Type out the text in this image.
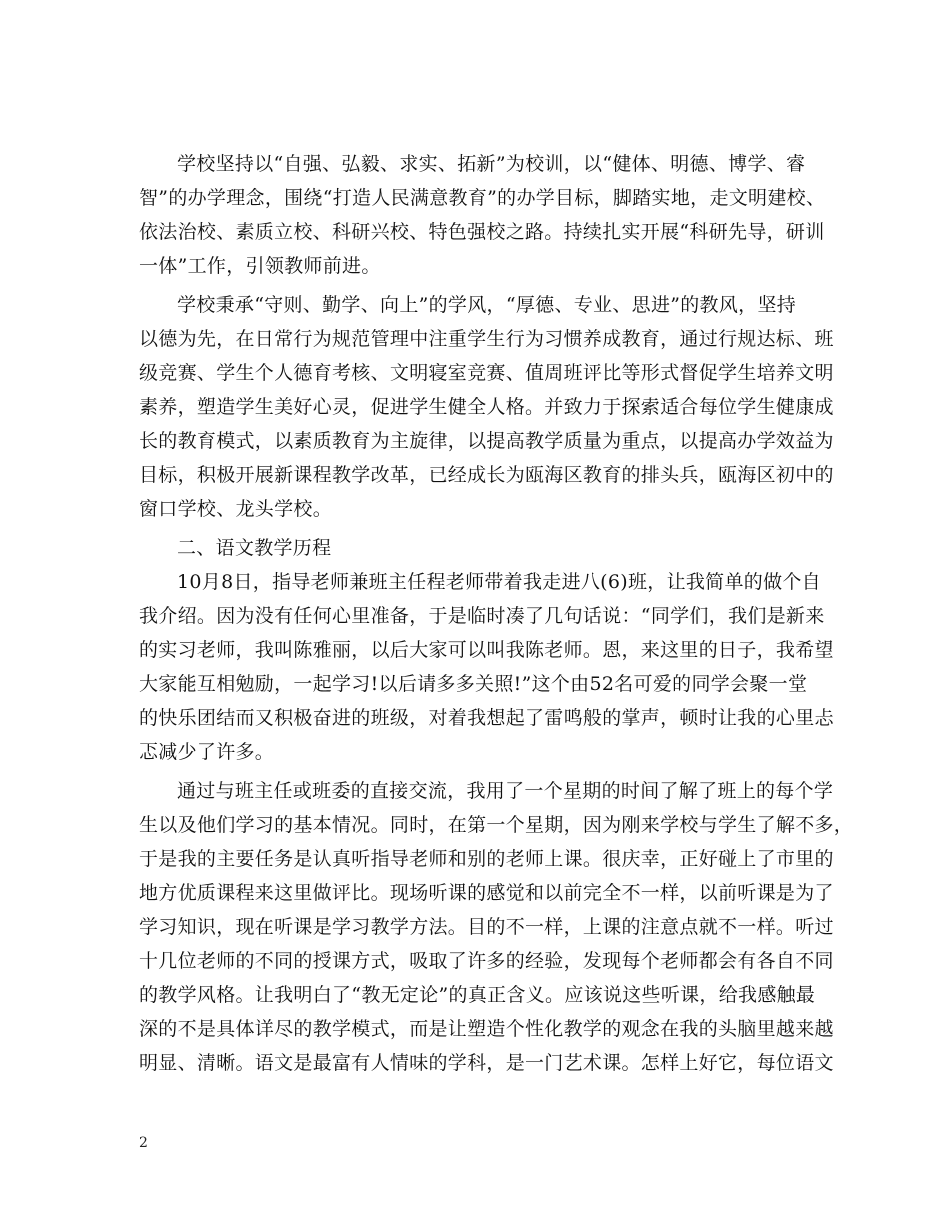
学校坚持以“自强、弘毅、求实、拓新”为校训，以“健体、明德、博学、睿
智”的办学理念，围绕“打造人民满意教育”的办学目标，脚踏实地，走文明建校、
依法治校、素质立校、科研兴校、特色强校之路。持续扎实开展“科研先导，研训
一体”工作，引领教师前进。
学校秉承“守则、勤学、向上”的学风，“厚德、专业、思进”的教风，坚持
以德为先，在日常行为规范管理中注重学生行为习惯养成教育，通过行规达标、班
级竞赛、学生个人德育考核、文明寝室竞赛、值周班评比等形式督促学生培养文明
素养，塑造学生美好心灵，促进学生健全人格。并致力于探索适合每位学生健康成
长的教育模式，以素质教育为主旋律，以提高教学质量为重点，以提高办学效益为
目标，积极开展新课程教学改革，已经成长为瓯海区教育的排头兵，瓯海区初中的
窗口学校、龙头学校。
二、语文教学历程
10月8日，指导老师兼班主任程老师带着我走进八(6)班，让我简单的做个自
我介绍。因为没有任何心里准备，于是临时凑了几句话说：“同学们，我们是新来
的实习老师，我叫陈雅丽，以后大家可以叫我陈老师。恩，来这里的日子，我希望
大家能互相勉励，一起学习!以后请多多关照!”这个由52名可爱的同学会聚一堂
的快乐团结而又积极奋进的班级，对着我想起了雷鸣般的掌声，顿时让我的心里忐
忑减少了许多。
通过与班主任或班委的直接交流，我用了一个星期的时间了解了班上的每个学
生以及他们学习的基本情况。同时，在第一个星期，因为刚来学校与学生了解不多，
于是我的主要任务是认真听指导老师和别的老师上课。很庆幸，正好碰上了市里的
地方优质课程来这里做评比。现场听课的感觉和以前完全不一样，以前听课是为了
学习知识，现在听课是学习教学方法。目的不一样，上课的注意点就不一样。听过
十几位老师的不同的授课方式，吸取了许多的经验，发现每个老师都会有各自不同
的教学风格。让我明白了“教无定论”的真正含义。应该说这些听课，给我感触最
深的不是具体详尽的教学模式，而是让塑造个性化教学的观念在我的头脑里越来越
明显、清晰。语文是最富有人情味的学科，是一门艺术课。怎样上好它，每位语文
2
